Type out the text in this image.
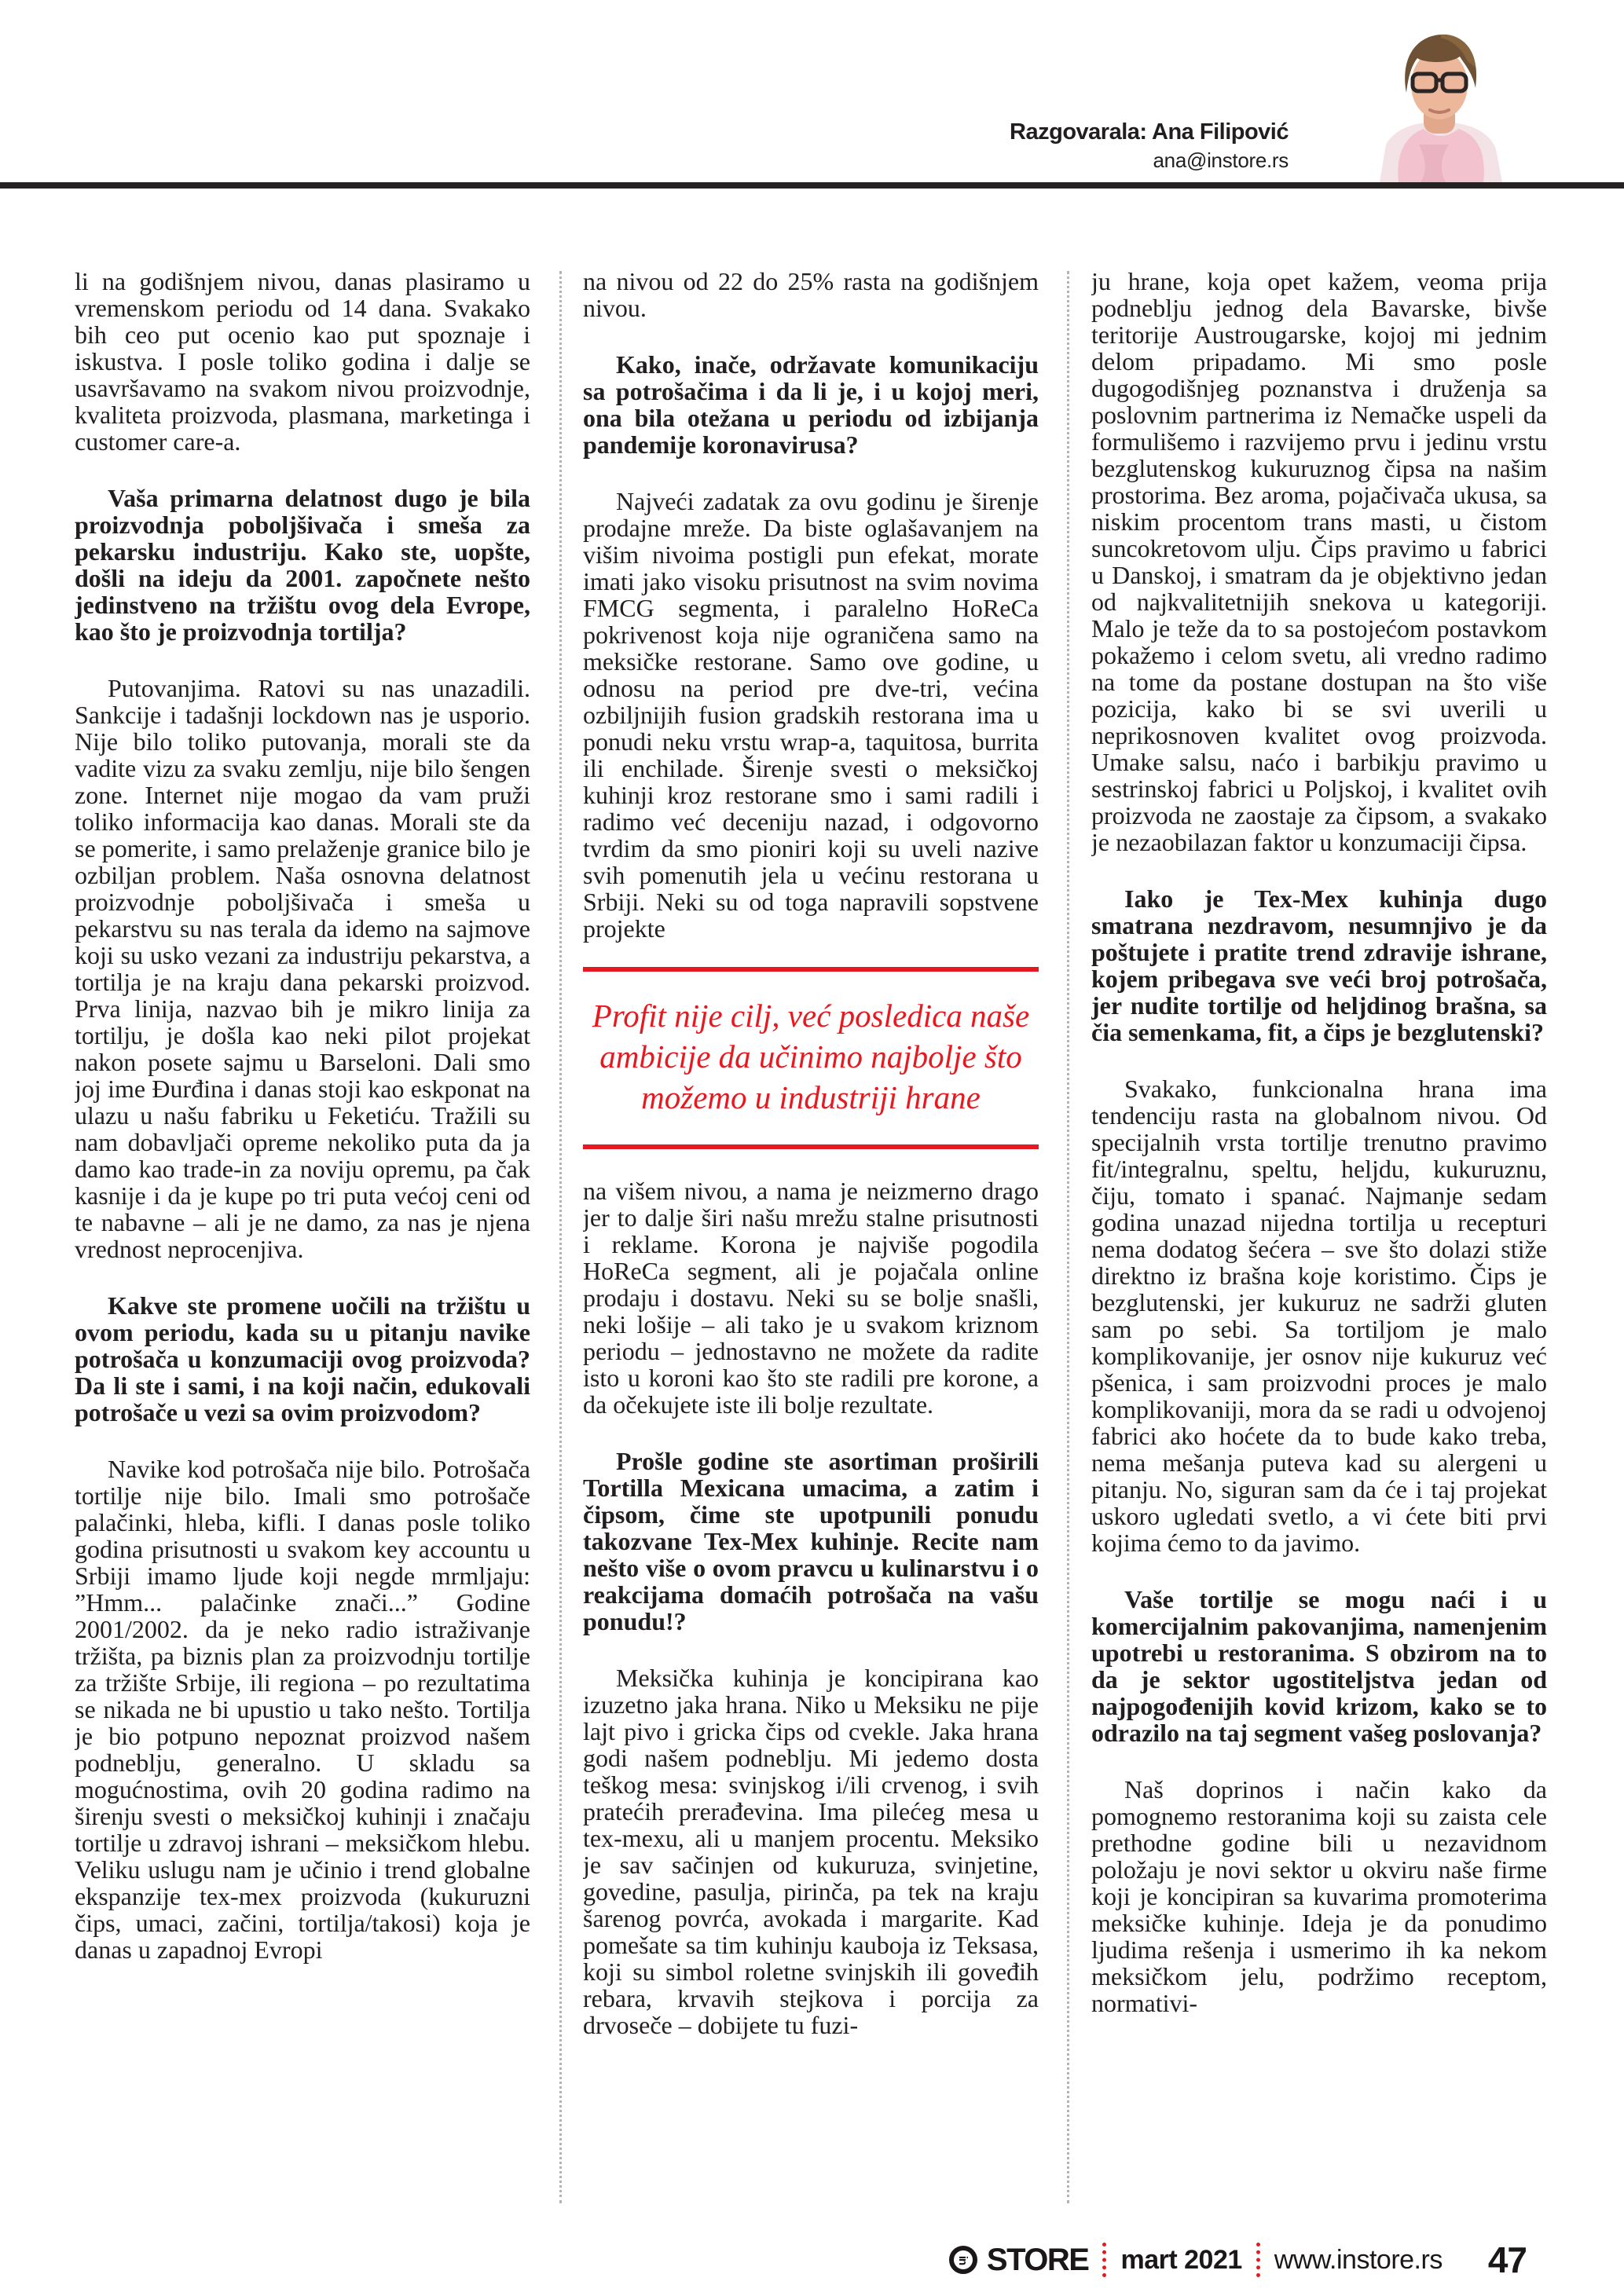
Razgovarala: Ana Filipović
ana@instore.rs

li na godišnjem nivou, danas plasiramo u vremenskom periodu od 14 dana. Svakako bih ceo put ocenio kao put spoznaje i iskustva. I posle toliko godina i dalje se usavršavamo na svakom nivou proizvodnje, kvaliteta proizvoda, plasmana, marketinga i customer care-a.

Vaša primarna delatnost dugo je bila proizvodnja poboljšivača i smeša za pekarsku industriju. Kako ste, uopšte, došli na ideju da 2001. započnete nešto jedinstveno na tržištu ovog dela Evrope, kao što je proizvodnja tortilja?

Putovanjima. Ratovi su nas unazadili. Sankcije i tadašnji lockdown nas je usporio. Nije bilo toliko putovanja, morali ste da vadite vizu za svaku zemlju, nije bilo šengen zone. Internet nije mogao da vam pruži toliko informacija kao danas. Morali ste da se pomerite, i samo prelaženje granice bilo je ozbiljan problem. Naša osnovna delatnost proizvodnje poboljšivača i smeša u pekarstvu su nas terala da idemo na sajmove koji su usko vezani za industriju pekarstva, a tortilja je na kraju dana pekarski proizvod. Prva linija, nazvao bih je mikro linija za tortilju, je došla kao neki pilot projekat nakon posete sajmu u Barseloni. Dali smo joj ime Đurđina i danas stoji kao eskponat na ulazu u našu fabriku u Feketiću. Tražili su nam dobavljači opreme nekoliko puta da ja damo kao trade-in za noviju opremu, pa čak kasnije i da je kupe po tri puta većoj ceni od te nabavne – ali je ne damo, za nas je njena vrednost neprocenjiva.

Kakve ste promene uočili na tržištu u ovom periodu, kada su u pitanju navike potrošača u konzumaciji ovog proizvoda? Da li ste i sami, i na koji način, edukovali potrošače u vezi sa ovim proizvodom?

Navike kod potrošača nije bilo. Potrošača tortilje nije bilo. Imali smo potrošače palačinki, hleba, kifli. I danas posle toliko godina prisutnosti u svakom key accountu u Srbiji imamo ljude koji negde mrmljaju: ”Hmm... palačinke znači...” Godine 2001/2002. da je neko radio istraživanje tržišta, pa biznis plan za proizvodnju tortilje za tržište Srbije, ili regiona – po rezultatima se nikada ne bi upustio u tako nešto. Tortilja je bio potpuno nepoznat proizvod našem podneblju, generalno. U skladu sa mogućnostima, ovih 20 godina radimo na širenju svesti o meksičkoj kuhinji i značaju tortilje u zdravoj ishrani – meksičkom hlebu. Veliku uslugu nam je učinio i trend globalne ekspanzije tex-mex proizvoda (kukuruzni čips, umaci, začini, tortilja/takosi) koja je danas u zapadnoj Evropi

na nivou od 22 do 25% rasta na godišnjem nivou.

Kako, inače, održavate komunikaciju sa potrošačima i da li je, i u kojoj meri, ona bila otežana u periodu od izbijanja pandemije koronavirusa?

Najveći zadatak za ovu godinu je širenje prodajne mreže. Da biste oglašavanjem na višim nivoima postigli pun efekat, morate imati jako visoku prisutnost na svim novima FMCG segmenta, i paralelno HoReCa pokrivenost koja nije ograničena samo na meksičke restorane. Samo ove godine, u odnosu na period pre dve-tri, većina ozbiljnijih fusion gradskih restorana ima u ponudi neku vrstu wrap-a, taquitosa, burrita ili enchilade. Širenje svesti o meksičkoj kuhinji kroz restorane smo i sami radili i radimo već deceniju nazad, i odgovorno tvrdim da smo pioniri koji su uveli nazive svih pomenutih jela u većinu restorana u Srbiji. Neki su od toga napravili sopstvene projekte

Profit nije cilj, već posledica naše ambicije da učinimo najbolje što možemo u industriji hrane

na višem nivou, a nama je neizmerno drago jer to dalje širi našu mrežu stalne prisutnosti i reklame. Korona je najviše pogodila HoReCa segment, ali je pojačala online prodaju i dostavu. Neki su se bolje snašli, neki lošije – ali tako je u svakom kriznom periodu – jednostavno ne možete da radite isto u koroni kao što ste radili pre korone, a da očekujete iste ili bolje rezultate.

Prošle godine ste asortiman proširili Tortilla Mexicana umacima, a zatim i čipsom, čime ste upotpunili ponudu takozvane Tex-Mex kuhinje. Recite nam nešto više o ovom pravcu u kulinarstvu i o reakcijama domaćih potrošača na vašu ponudu!?

Meksička kuhinja je koncipirana kao izuzetno jaka hrana. Niko u Meksiku ne pije lajt pivo i gricka čips od cvekle. Jaka hrana godi našem podneblju. Mi jedemo dosta teškog mesa: svinjskog i/ili crvenog, i svih pratećih prerađevina. Ima pilećeg mesa u tex-mexu, ali u manjem procentu. Meksiko je sav sačinjen od kukuruza, svinjetine, govedine, pasulja, pirinča, pa tek na kraju šarenog povrća, avokada i margarite. Kad pomešate sa tim kuhinju kauboja iz Teksasa, koji su simbol roletne svinjskih ili goveđih rebara, krvavih stejkova i porcija za drvoseče – dobijete tu fuzi-

ju hrane, koja opet kažem, veoma prija podneblju jednog dela Bavarske, bivše teritorije Austrougarske, kojoj mi jednim delom pripadamo. Mi smo posle dugogodišnjeg poznanstva i druženja sa poslovnim partnerima iz Nemačke uspeli da formulišemo i razvijemo prvu i jedinu vrstu bezglutenskog kukuruznog čipsa na našim prostorima. Bez aroma, pojačivača ukusa, sa niskim procentom trans masti, u čistom suncokretovom ulju. Čips pravimo u fabrici u Danskoj, i smatram da je objektivno jedan od najkvalitetnijih snekova u kategoriji. Malo je teže da to sa postojećom postavkom pokažemo i celom svetu, ali vredno radimo na tome da postane dostupan na što više pozicija, kako bi se svi uverili u neprikosnoven kvalitet ovog proizvoda. Umake salsu, naćo i barbikju pravimo u sestrinskoj fabrici u Poljskoj, i kvalitet ovih proizvoda ne zaostaje za čipsom, a svakako je nezaobilazan faktor u konzumaciji čipsa.

Iako je Tex-Mex kuhinja dugo smatrana nezdravom, nesumnjivo je da poštujete i pratite trend zdravije ishrane, kojem pribegava sve veći broj potrošača, jer nudite tortilje od heljdinog brašna, sa čia semenkama, fit, a čips je bezglutenski?

Svakako, funkcionalna hrana ima tendenciju rasta na globalnom nivou. Od specijalnih vrsta tortilje trenutno pravimo fit/integralnu, speltu, heljdu, kukuruznu, čiju, tomato i spanać. Najmanje sedam godina unazad nijedna tortilja u recepturi nema dodatog šećera – sve što dolazi stiže direktno iz brašna koje koristimo. Čips je bezglutenski, jer kukuruz ne sadrži gluten sam po sebi. Sa tortiljom je malo komplikovanije, jer osnov nije kukuruz već pšenica, i sam proizvodni proces je malo komplikovaniji, mora da se radi u odvojenoj fabrici ako hoćete da to bude kako treba, nema mešanja puteva kad su alergeni u pitanju. No, siguran sam da će i taj projekat uskoro ugledati svetlo, a vi ćete biti prvi kojima ćemo to da javimo.

Vaše tortilje se mogu naći i u komercijalnim pakovanjima, namenjenim upotrebi u restoranima. S obzirom na to da je sektor ugostiteljstva jedan od najpogođenijih kovid krizom, kako se to odrazilo na taj segment vašeg poslovanja?

Naš doprinos i način kako da pomognemo restoranima koji su zaista cele prethodne godine bili u nezavidnom položaju je novi sektor u okviru naše firme koji je koncipiran sa kuvarima promoterima meksičke kuhinje. Ideja je da ponudimo ljudima rešenja i usmerimo ih ka nekom meksičkom jelu, podržimo receptom, normativi-

in STORE mart 2021 www.instore.rs 47
